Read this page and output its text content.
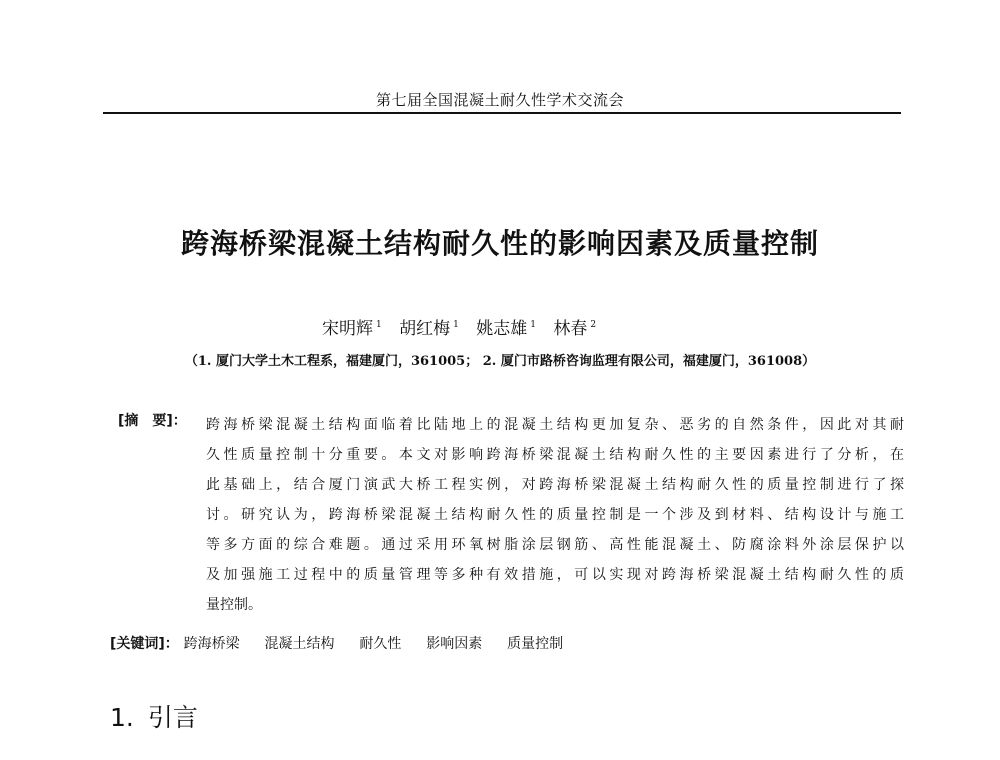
第七届全国混凝土耐久性学术交流会
跨海桥梁混凝土结构耐久性的影响因素及质量控制
宋明辉 $^1$ 胡红梅 $^1$ 姚志雄 $^1$ 林春 $^2$
（1. 厦门大学土木工程系，福建厦门，361005； 2. 厦门市路桥咨询监理有限公司，福建厦门，361008）
[摘　要]：	跨海桥梁混凝土结构面临着比陆地上的混凝土结构更加复杂、恶劣的自然条件，因此对其耐
久性质量控制十分重要。本文对影响跨海桥梁混凝土结构耐久性的主要因素进行了分析，在
此基础上，结合厦门演武大桥工程实例，对跨海桥梁混凝土结构耐久性的质量控制进行了探
讨。研究认为，跨海桥梁混凝土结构耐久性的质量控制是一个涉及到材料、结构设计与施工
等多方面的综合难题。通过采用环氧树脂涂层钢筋、高性能混凝土、防腐涂料外涂层保护以
及加强施工过程中的质量管理等多种有效措施，可以实现对跨海桥梁混凝土结构耐久性的质
量控制。
[关键词]： 跨海桥梁 混凝土结构 耐久性 影响因素 质量控制
1. 引言
